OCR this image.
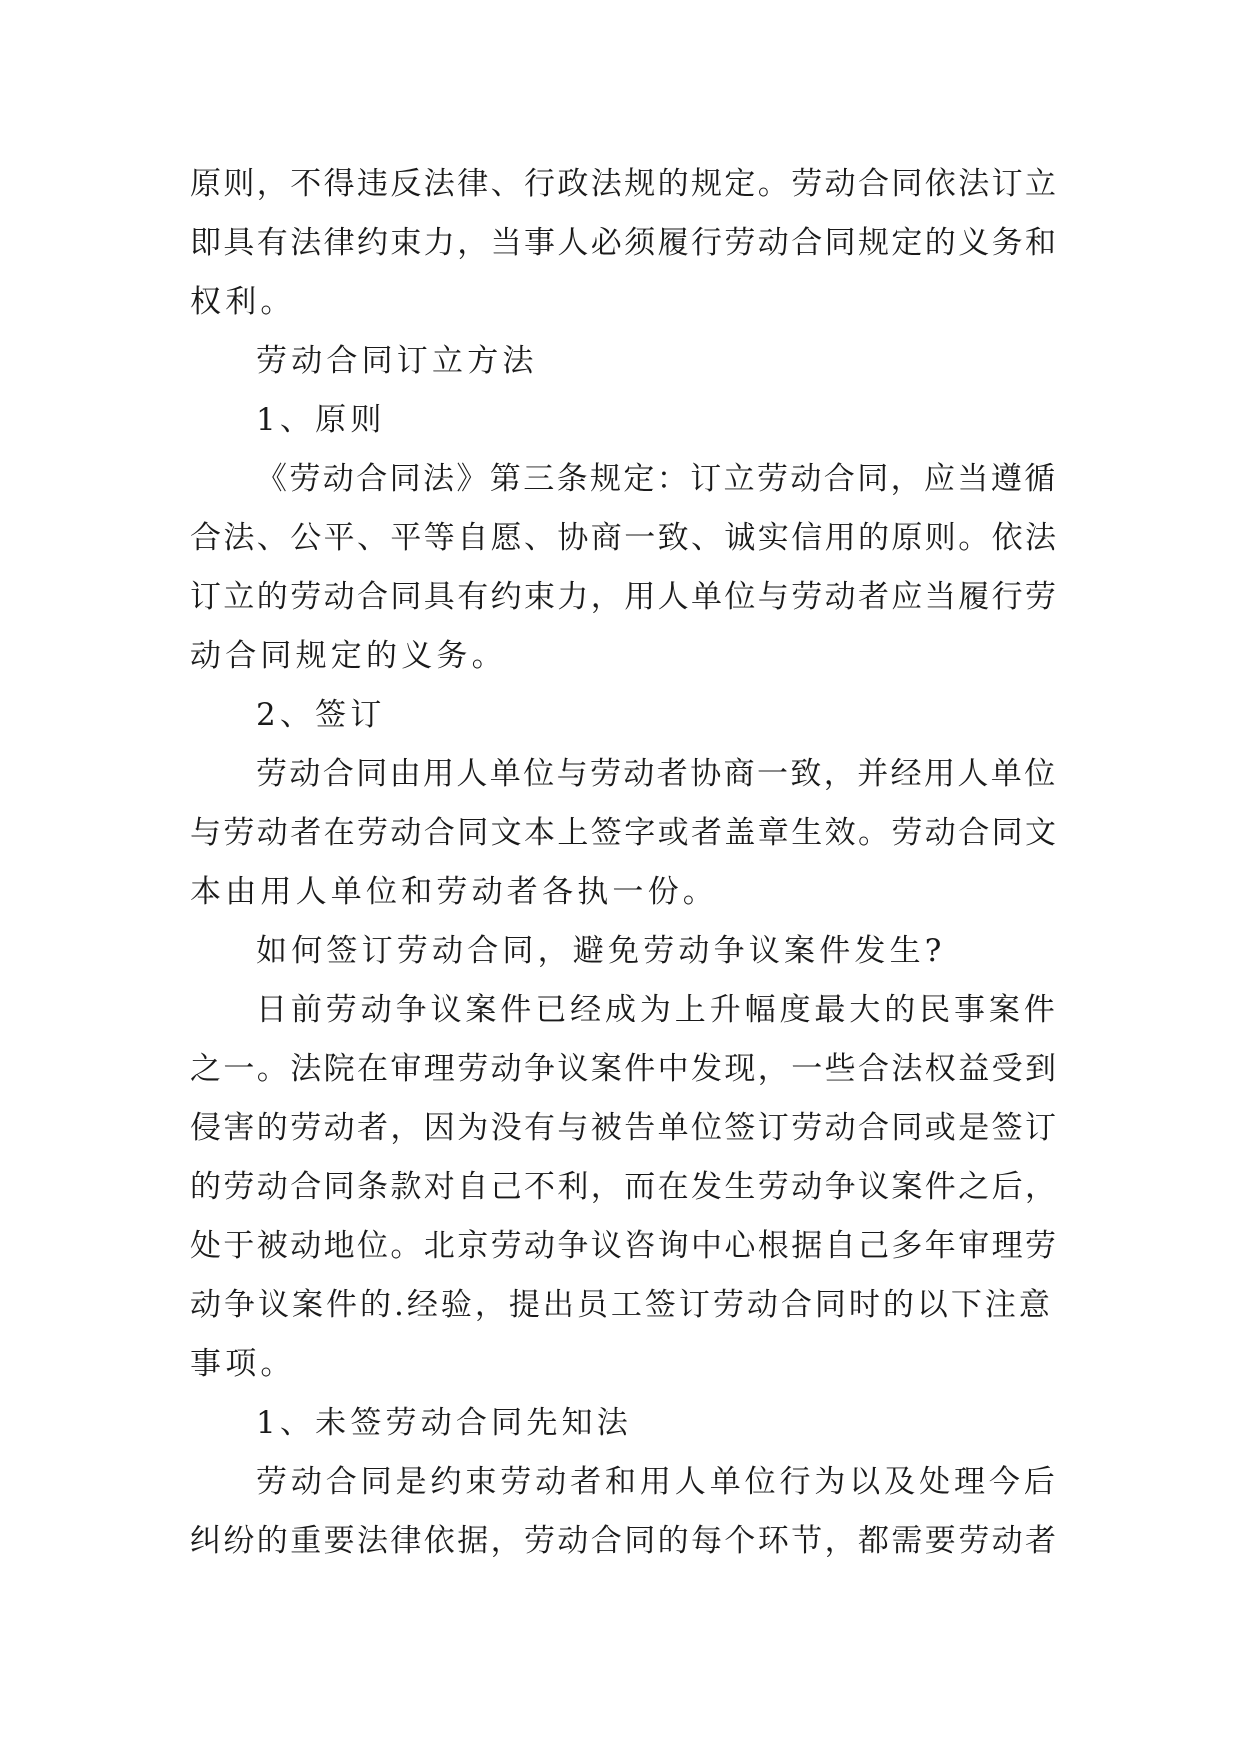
原则，不得违反法律、行政法规的规定。劳动合同依法订立
即具有法律约束力，当事人必须履行劳动合同规定的义务和
权利。
劳动合同订立方法
1、原则
《劳动合同法》第三条规定：订立劳动合同，应当遵循
合法、公平、平等自愿、协商一致、诚实信用的原则。依法
订立的劳动合同具有约束力，用人单位与劳动者应当履行劳
动合同规定的义务。
2、签订
劳动合同由用人单位与劳动者协商一致，并经用人单位
与劳动者在劳动合同文本上签字或者盖章生效。劳动合同文
本由用人单位和劳动者各执一份。
如何签订劳动合同，避免劳动争议案件发生?
日前劳动争议案件已经成为上升幅度最大的民事案件
之一。法院在审理劳动争议案件中发现，一些合法权益受到
侵害的劳动者，因为没有与被告单位签订劳动合同或是签订
的劳动合同条款对自己不利，而在发生劳动争议案件之后，
处于被动地位。北京劳动争议咨询中心根据自己多年审理劳
动争议案件的.经验，提出员工签订劳动合同时的以下注意
事项。
1、未签劳动合同先知法
劳动合同是约束劳动者和用人单位行为以及处理今后
纠纷的重要法律依据，劳动合同的每个环节，都需要劳动者
